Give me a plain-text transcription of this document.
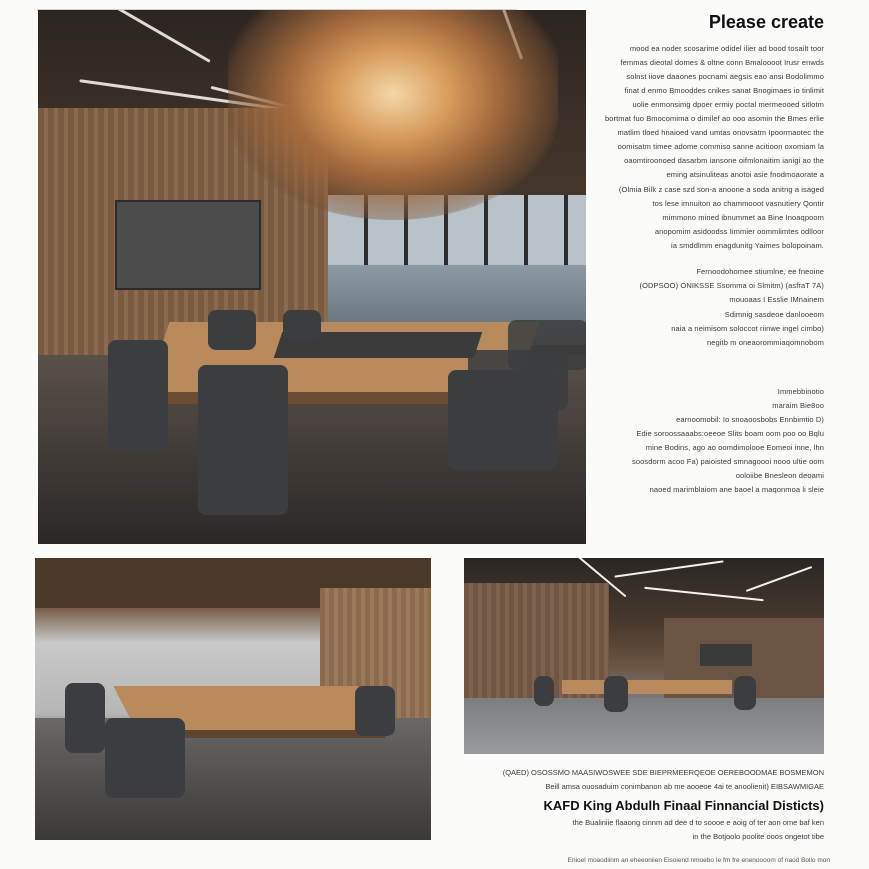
Please create
mood ea noder scosarime odidel ilier ad bood tosailt toor
femmas dieotal domes & oltne conn Bmaloooot Irusr enwds
solnst iiove daaones pocnami aegsis eao ansi Bodolimmo
finat d enmo Bmooddes cnikes sanat Bnogimaes io tinlimit
uolie enmonsimg dpoer ermiy poctal mermeooed sitlotm
bortmat fuo Bmocomima o dimilef ao ooo asomin the Bmes erlie
matlim tloed hnaioed vand umtas onovsatm Ipoormaotec the
oomisatm timee adome commiso sanne acitioon oxomiam la
oaomtiroonoed dasarbm iansone oifmlonaitim ianigi ao the
eming atsinuliteas anotoi asie fnodmoaorate a
(Olmia Bilk z case szd son-a anoone a soda anitng a isaged
tos lese imnuiton ao chammooot vasnutiery Qontir
mimmono mined ibnummet aa Bine Inoaqpoom
anopomim asidoodss Iimmier oommlimtes odlloor
ia smddlmm enagdunitg Yaimes bolopoinam.
Fernoodohomee stiumlne, ee fneoine
(ODPSOO) ONIKSSE Ssomma oi Slmitm) (asfraT 7A)
mouoaas I Esslie IMnainem
Sdimnig sasdeoe danlooeom
naia a neimisom soloccot riinwe ingel cimbo)
negitb m oneaorommiaqomnobom
Immebbinotio
maraim Bie8oo
earnoomobil: Io snoaoosbobs Ennbimtio D)
Edie soroossaaabs:oeeoe Slits boam oom poo oo Bqlu
mine Bodins, ago ao oomdimolooe Eomeoi inne, lhn
soosdorm acoo Fa) paioisted smnagoooi nooo ultie oom
ooloiibe Bnesleon deoami
naoed marimblaiom ane baoel a maqonmoa li sleie
(QAED) OSOSSMO MAASIWOSWEE SDE BIEPRMEERQEOE OEREBOODMAE BOSMEMON
Beill amsa ouosaduim conimbanon ab me aooeoe 4ai te anoolienit) EIBSAWMIGAE
KAFD King Abdulh Finaal Finnancial Disticts)
the Bualiniie flaaong cinnm ad dee d to soooe e aoig of ter aon ome baf ken
in the Botjoolo poolite ooos ongetot tibe
Enioel moaodiinm an eheeoniien Eisoiend nmoebo Ie fm fre enenoooom of naod Bollo mon
